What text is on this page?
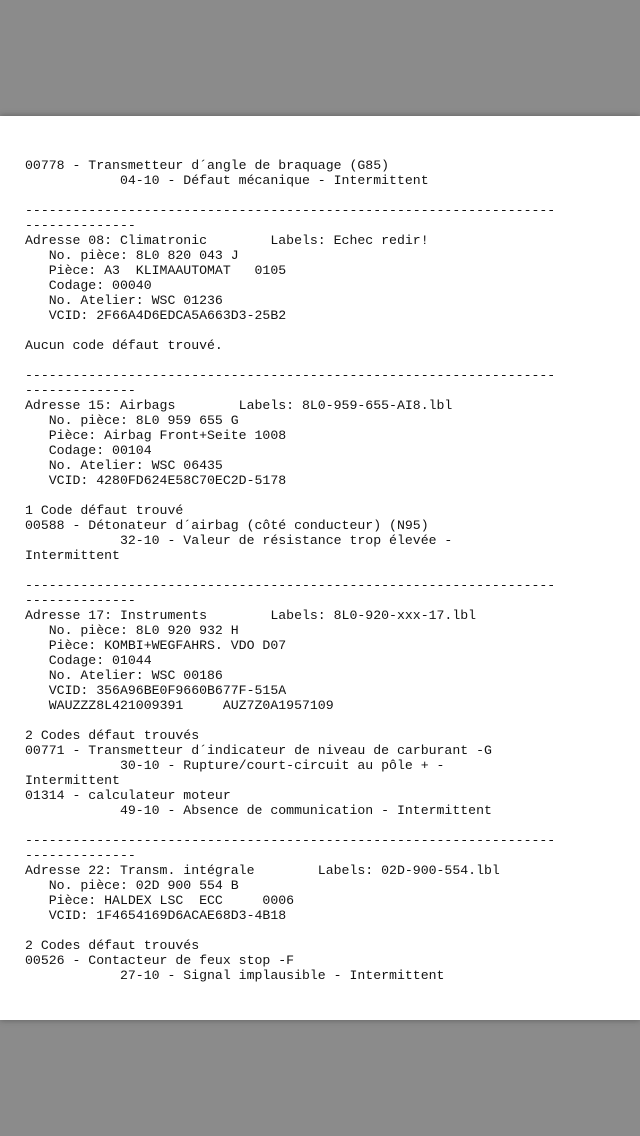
00778 - Transmetteur d´angle de braquage (G85)
04-10 - Défaut mécanique - Intermittent
-------------------------------------------------------------------
--------------
Adresse 08: Climatronic        Labels: Echec redir!
No. pièce: 8L0 820 043 J
Pièce: A3  KLIMAAUTOMAT   0105
Codage: 00040
No. Atelier: WSC 01236
VCID: 2F66A4D6EDCA5A663D3-25B2
Aucun code défaut trouvé.
-------------------------------------------------------------------
--------------
Adresse 15: Airbags        Labels: 8L0-959-655-AI8.lbl
No. pièce: 8L0 959 655 G
Pièce: Airbag Front+Seite 1008
Codage: 00104
No. Atelier: WSC 06435
VCID: 4280FD624E58C70EC2D-5178
1 Code défaut trouvé
00588 - Détonateur d´airbag (côté conducteur) (N95)
32-10 - Valeur de résistance trop élevée -
Intermittent
-------------------------------------------------------------------
--------------
Adresse 17: Instruments        Labels: 8L0-920-xxx-17.lbl
No. pièce: 8L0 920 932 H
Pièce: KOMBI+WEGFAHRS. VDO D07
Codage: 01044
No. Atelier: WSC 00186
VCID: 356A96BE0F9660B677F-515A
WAUZZZ8L421009391     AUZ7Z0A1957109
2 Codes défaut trouvés
00771 - Transmetteur d´indicateur de niveau de carburant -G
30-10 - Rupture/court-circuit au pôle + -
Intermittent
01314 - calculateur moteur
49-10 - Absence de communication - Intermittent
-------------------------------------------------------------------
--------------
Adresse 22: Transm. intégrale        Labels: 02D-900-554.lbl
No. pièce: 02D 900 554 B
Pièce: HALDEX LSC  ECC     0006
VCID: 1F4654169D6ACAE68D3-4B18
2 Codes défaut trouvés
00526 - Contacteur de feux stop -F
27-10 - Signal implausible - Intermittent
